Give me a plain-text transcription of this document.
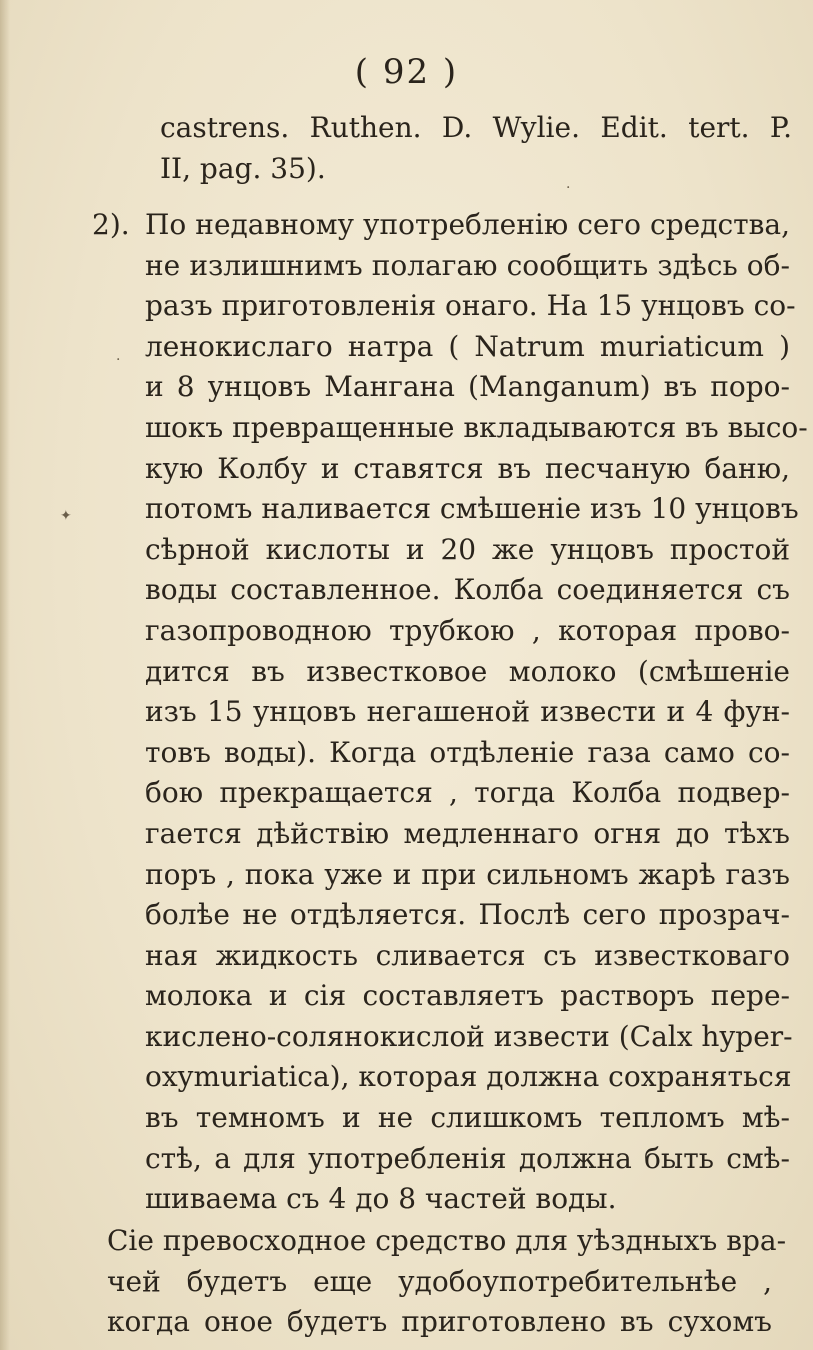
( 92 )
castrens. Ruthen. D. Wylie. Edit. tert. P.
II, pag. 35).
2). По недавному употребленію сего средства,
не излишнимъ полагаю сообщить здѣсь об-
разъ приготовленія онаго. На 15 унцовъ со-
ленокислаго натра ( Natrum muriaticum )
и 8 унцовъ Мангана (Manganum) въ поро-
шокъ превращенные вкладываются въ высо-
кую Колбу и ставятся въ песчаную баню,
потомъ наливается смѣшеніе изъ 10 унцовъ
сѣрной кислоты и 20 же унцовъ простой
воды составленное. Колба соединяется съ
газопроводною трубкою , которая прово-
дится въ известковое молоко (смѣшеніе
изъ 15 унцовъ негашеной извести и 4 фун-
товъ воды). Когда отдѣленіе газа само со-
бою прекращается , тогда Колба подвер-
гается дѣйствію медленнаго огня до тѣхъ
поръ , пока уже и при сильномъ жарѣ газъ
болѣе не отдѣляется. Послѣ сего прозрач-
ная жидкость сливается съ известковаго
молока и сія составляетъ растворъ пере-
кислено-солянокислой извести (Calx hyper-
oxymuriatica), которая должна сохраняться
въ темномъ и не слишкомъ тепломъ мѣ-
стѣ, а для употребленія должна быть смѣ-
шиваема съ 4 до 8 частей воды.
Сіе превосходное средство для уѣздныхъ вра-
чей будетъ еще удобоупотребительнѣе ,
когда оное будетъ приготовлено въ сухомъ
✦
·
·
